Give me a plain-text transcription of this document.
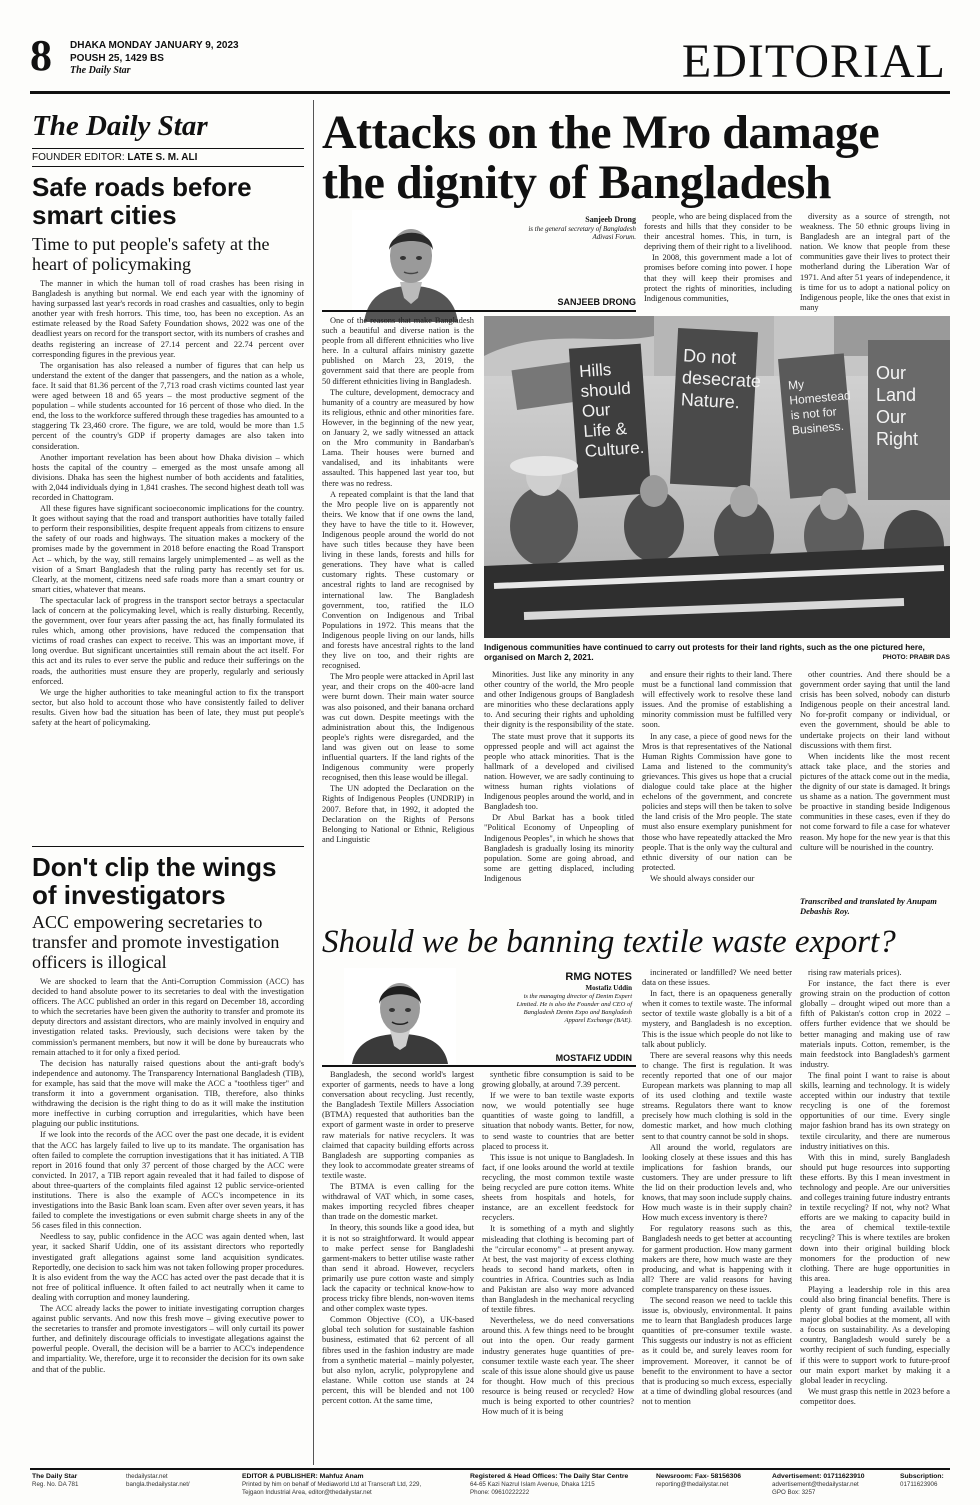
8 DHAKA MONDAY JANUARY 9, 2023
POUSH 25, 1429 BS
The Daily Star	EDITORIAL
The Daily Star
FOUNDER EDITOR: LATE S. M. ALI
Safe roads before smart cities
Time to put people's safety at the heart of policymaking

The manner in which the human toll of road crashes has been rising in Bangladesh is anything but normal. We end each year with the ignominy of having surpassed last year's records in road crashes and casualties, only to begin another year with fresh horrors. This time, too, has been no exception. As an estimate released by the Road Safety Foundation shows, 2022 was one of the deadliest years on record for the transport sector, with its numbers of crashes and deaths registering an increase of 27.14 percent and 22.74 percent over corresponding figures in the previous year.

The organisation has also released a number of figures that can help us understand the extent of the danger that passengers, and the nation as a whole, face. It said that 81.36 percent of the 7,713 road crash victims counted last year were aged between 18 and 65 years – the most productive segment of the population – while students accounted for 16 percent of those who died. In the end, the loss to the workforce suffered through these tragedies has amounted to a staggering Tk 23,460 crore. The figure, we are told, would be more than 1.5 percent of the country's GDP if property damages are also taken into consideration.

Another important revelation has been about how Dhaka division – which hosts the capital of the country – emerged as the most unsafe among all divisions. Dhaka has seen the highest number of both accidents and fatalities, with 2,044 individuals dying in 1,841 crashes. The second highest death toll was recorded in Chattogram.

All these figures have significant socioeconomic implications for the country. It goes without saying that the road and transport authorities have totally failed to perform their responsibilities, despite frequent appeals from citizens to ensure the safety of our roads and highways. The situation makes a mockery of the promises made by the government in 2018 before enacting the Road Transport Act – which, by the way, still remains largely unimplemented – as well as the vision of a Smart Bangladesh that the ruling party has recently set for us. Clearly, at the moment, citizens need safe roads more than a smart country or smart cities, whatever that means.

The spectacular lack of progress in the transport sector betrays a spectacular lack of concern at the policymaking level, which is really disturbing. Recently, the government, over four years after passing the act, has finally formulated its rules which, among other provisions, have reduced the compensation that victims of road crashes can expect to receive. This was an important move, if long overdue. But significant uncertainties still remain about the act itself. For this act and its rules to ever serve the public and reduce their sufferings on the roads, the authorities must ensure they are properly, regularly and seriously enforced.

We urge the higher authorities to take meaningful action to fix the transport sector, but also hold to account those who have consistently failed to deliver results. Given how bad the situation has been of late, they must put people's safety at the heart of policymaking.

Don't clip the wings of investigators
ACC empowering secretaries to transfer and promote investigation officers is illogical

We are shocked to learn that the Anti-Corruption Commission (ACC) has decided to hand absolute power to its secretaries to deal with the investigation officers. The ACC published an order in this regard on December 18, according to which the secretaries have been given the authority to transfer and promote its deputy directors and assistant directors, who are mainly involved in enquiry and investigation related tasks. Previously, such decisions were taken by the commission's permanent members, but now it will be done by bureaucrats who remain attached to it for only a fixed period.

The decision has naturally raised questions about the anti-graft body's independence and autonomy. The Transparency International Bangladesh (TIB), for example, has said that the move will make the ACC a "toothless tiger" and transform it into a government organisation. TIB, therefore, also thinks withdrawing the decision is the right thing to do as it will make the institution more ineffective in curbing corruption and irregularities, which have been plaguing our public institutions.

If we look into the records of the ACC over the past one decade, it is evident that the ACC has largely failed to live up to its mandate. The organisation has often failed to complete the corruption investigations that it has initiated. A TIB report in 2016 found that only 37 percent of those charged by the ACC were convicted. In 2017, a TIB report again revealed that it had failed to dispose of about three-quarters of the complaints filed against 12 public service-oriented institutions. There is also the example of ACC's incompetence in its investigations into the Basic Bank loan scam. Even after over seven years, it has failed to complete the investigations or even submit charge sheets in any of the 56 cases filed in this connection.

Needless to say, public confidence in the ACC was again dented when, last year, it sacked Sharif Uddin, one of its assistant directors who reportedly investigated graft allegations against some land acquisition syndicates. Reportedly, one decision to sack him was not taken following proper procedures. It is also evident from the way the ACC has acted over the past decade that it is not free of political influence. It often failed to act neutrally when it came to dealing with corruption and money laundering.

The ACC already lacks the power to initiate investigating corruption charges against public servants. And now this fresh move – giving executive power to the secretaries to transfer and promote investigators – will only curtail its power further, and definitely discourage officials to investigate allegations against the powerful people. Overall, the decision will be a barrier to ACC's independence and impartiality. We, therefore, urge it to reconsider the decision for its own sake and that of the public.

Attacks on the Mro damage the dignity of Bangladesh
Sanjeeb Drong
is the general secretary of Bangladesh Adivasi Forum.
SANJEEB DRONG

One of the reasons that make Bangladesh such a beautiful and diverse nation is the people from all different ethnicities who live here. In a cultural affairs ministry gazette published on March 23, 2019, the government said that there are people from 50 different ethnicities living in Bangladesh.

The culture, development, democracy and humanity of a country are measured by how its religious, ethnic and other minorities fare. However, in the beginning of the new year, on January 2, we sadly witnessed an attack on the Mro community in Bandarban's Lama. Their houses were burned and vandalised, and its inhabitants were assaulted. This happened last year too, but there was no redress.

A repeated complaint is that the land that the Mro people live on is apparently not theirs. We know that if one owns the land, they have to have the title to it. However, Indigenous people around the world do not have such titles because they have been living in these lands, forests and hills for generations. They have what is called customary rights. These customary or ancestral rights to land are recognised by international law. The Bangladesh government, too, ratified the ILO Convention on Indigenous and Tribal Populations in 1972. This means that the Indigenous people living on our lands, hills and forests have ancestral rights to the land they live on too, and their rights are recognised.

The Mro people were attacked in April last year, and their crops on the 400-acre land were burnt down. Their main water source was also poisoned, and their banana orchard was cut down. Despite meetings with the administration about this, the Indigenous people's rights were disregarded, and the land was given out on lease to some influential quarters. If the land rights of the Indigenous community were properly recognised, then this lease would be illegal.

The UN adopted the Declaration on the Rights of Indigenous Peoples (UNDRIP) in 2007. Before that, in 1992, it adopted the Declaration on the Rights of Persons Belonging to National or Ethnic, Religious and Linguistic

people, who are being displaced from the forests and hills that they consider to be their ancestral homes. This, in turn, is depriving them of their right to a livelihood.

In 2008, this government made a lot of promises before coming into power. I hope that they will keep their promises and protect the rights of minorities, including Indigenous communities,

diversity as a source of strength, not weakness. The 50 ethnic groups living in Bangladesh are an integral part of the nation. We know that people from these communities gave their lives to protect their motherland during the Liberation War of 1971. And after 51 years of independence, it is time for us to adopt a national policy on Indigenous people, like the ones that exist in many

Hills should Our Life & Culture.
Do not desecrate Nature.
My Homestead is not for Business.
Our Land Our Right
Indigenous communities have continued to carry out protests for their land rights, such as the one pictured here, organised on March 2, 2021.	PHOTO: PRABIR DAS

Minorities. Just like any minority in any other country of the world, the Mro people and other Indigenous groups of Bangladesh are minorities who these declarations apply to. And securing their rights and upholding their dignity is the responsibility of the state.

The state must prove that it supports its oppressed people and will act against the people who attack minorities. That is the hallmark of a developed and civilised nation. However, we are sadly continuing to witness human rights violations of Indigenous peoples around the world, and in Bangladesh too.

Dr Abul Barkat has a book titled "Political Economy of Unpeopling of Indigenous Peoples", in which he shows that Bangladesh is gradually losing its minority population. Some are going abroad, and some are getting displaced, including Indigenous

and ensure their rights to their land. There must be a functional land commission that will effectively work to resolve these land issues. And the promise of establishing a minority commission must be fulfilled very soon.

In any case, a piece of good news for the Mros is that representatives of the National Human Rights Commission have gone to Lama and listened to the community's grievances. This gives us hope that a crucial dialogue could take place at the higher echelons of the government, and concrete policies and steps will then be taken to solve the land crisis of the Mro people. The state must also ensure exemplary punishment for those who have repeatedly attacked the Mro people. That is the only way the cultural and ethnic diversity of our nation can be protected.

We should always consider our

other countries. And there should be a government order saying that until the land crisis has been solved, nobody can disturb Indigenous people on their ancestral land. No for-profit company or individual, or even the government, should be able to undertake projects on their land without discussions with them first.

When incidents like the most recent attack take place, and the stories and pictures of the attack come out in the media, the dignity of our state is damaged. It brings us shame as a nation. The government must be proactive in standing beside Indigenous communities in these cases, even if they do not come forward to file a case for whatever reason. My hope for the new year is that this culture will be nourished in the country.

Transcribed and translated by Anupam Debashis Roy.
Should we be banning textile waste export?
RMG NOTES
Mostafiz Uddin
is the managing director of Denim Expert Limited. He is also the Founder and CEO of Bangladesh Denim Expo and Bangladesh Apparel Exchange (BAE).
MOSTAFIZ UDDIN

Bangladesh, the second world's largest exporter of garments, needs to have a long conversation about recycling. Just recently, the Bangladesh Textile Millers Association (BTMA) requested that authorities ban the export of garment waste in order to preserve raw materials for native recyclers. It was claimed that capacity building efforts across Bangladesh are supporting companies as they look to accommodate greater streams of textile waste.

The BTMA is even calling for the withdrawal of VAT which, in some cases, makes importing recycled fibres cheaper than trade on the domestic market.

In theory, this sounds like a good idea, but it is not so straightforward. It would appear to make perfect sense for Bangladeshi garment-makers to better utilise waste rather than send it abroad. However, recyclers primarily use pure cotton waste and simply lack the capacity or technical know-how to process tricky fibre blends, non-woven items and other complex waste types.

Common Objective (CO), a UK-based global tech solution for sustainable fashion business, estimated that 62 percent of all fibres used in the fashion industry are made from a synthetic material – mainly polyester, but also nylon, acrylic, polypropylene and elastane. While cotton use stands at 24 percent, this will be blended and not 100 percent cotton. At the same time,

synthetic fibre consumption is said to be growing globally, at around 7.39 percent.

If we were to ban textile waste exports now, we would potentially see huge quantities of waste going to landfill, a situation that nobody wants. Better, for now, to send waste to countries that are better placed to process it.

This issue is not unique to Bangladesh. In fact, if one looks around the world at textile recycling, the most common textile waste being recycled are pure cotton items. White sheets from hospitals and hotels, for instance, are an excellent feedstock for recyclers.

It is something of a myth and slightly misleading that clothing is becoming part of the "circular economy" – at present anyway. At best, the vast majority of excess clothing heads to second hand markets, often in countries in Africa. Countries such as India and Pakistan are also way more advanced than Bangladesh in the mechanical recycling of textile fibres.

Nevertheless, we do need conversations around this. A few things need to be brought out into the open. Our ready garment industry generates huge quantities of pre-consumer textile waste each year. The sheer scale of this issue alone should give us pause for thought. How much of this precious resource is being reused or recycled? How much is being exported to other countries? How much of it is being

incinerated or landfilled? We need better data on these issues.

In fact, there is an opaqueness generally when it comes to textile waste. The informal sector of textile waste globally is a bit of a mystery, and Bangladesh is no exception. This is the issue which people do not like to talk about publicly.

There are several reasons why this needs to change. The first is regulation. It was recently reported that one of our major European markets was planning to map all of its used clothing and textile waste streams. Regulators there want to know precisely how much clothing is sold in the domestic market, and how much clothing sent to that country cannot be sold in shops.

All around the world, regulators are looking closely at these issues and this has implications for fashion brands, our customers. They are under pressure to lift the lid on their production levels and, who knows, that may soon include supply chains. How much waste is in their supply chain? How much excess inventory is there?

For regulatory reasons such as this, Bangladesh needs to get better at accounting for garment production. How many garment makers are there, how much waste are they producing, and what is happening with it all? There are valid reasons for having complete transparency on these issues.

The second reason we need to tackle this issue is, obviously, environmental. It pains me to learn that Bangladesh produces large quantities of pre-consumer textile waste. This suggests our industry is not as efficient as it could be, and surely leaves room for improvement. Moreover, it cannot be of benefit to the environment to have a sector that is producing so much excess, especially at a time of dwindling global resources (and not to mention

rising raw materials prices).

For instance, the fact there is ever growing strain on the production of cotton globally – drought wiped out more than a fifth of Pakistan's cotton crop in 2022 – offers further evidence that we should be better managing and making use of raw materials inputs. Cotton, remember, is the main feedstock into Bangladesh's garment industry.

The final point I want to raise is about skills, learning and technology. It is widely accepted within our industry that textile recycling is one of the foremost opportunities of our time. Every single major fashion brand has its own strategy on textile circularity, and there are numerous industry initiatives on this.

With this in mind, surely Bangladesh should put huge resources into supporting these efforts. By this I mean investment in technology and people. Are our universities and colleges training future industry entrants in textile recycling? If not, why not? What efforts are we making to capacity build in the area of chemical textile-textile recycling? This is where textiles are broken down into their original building block monomers for the production of new clothing. There are huge opportunities in this area.

Playing a leadership role in this area could also bring financial benefits. There is plenty of grant funding available within major global bodies at the moment, all with a focus on sustainability. As a developing country, Bangladesh would surely be a worthy recipient of such funding, especially if this were to support work to future-proof our main export market by making it a global leader in recycling.

We must grasp this nettle in 2023 before a competitor does.

The Daily Star
Reg. No. DA 781
thedailystar.net
bangla.thedailystar.net/
EDITOR & PUBLISHER: Mahfuz Anam
Printed by him on behalf of Mediaworld Ltd at Transcraft Ltd, 229,
Tejgaon Industrial Area, editor@thedailystar.net
Registered & Head Offices: The Daily Star Centre
64-65 Kazi Nazrul Islam Avenue, Dhaka 1215
Phone: 09610222222
Newsroom: Fax- 58156306
reporting@thedailystar.net
Advertisement: 01711623910
advertisement@thedailystar.net
GPO Box: 3257
Subscription:
01711623906
